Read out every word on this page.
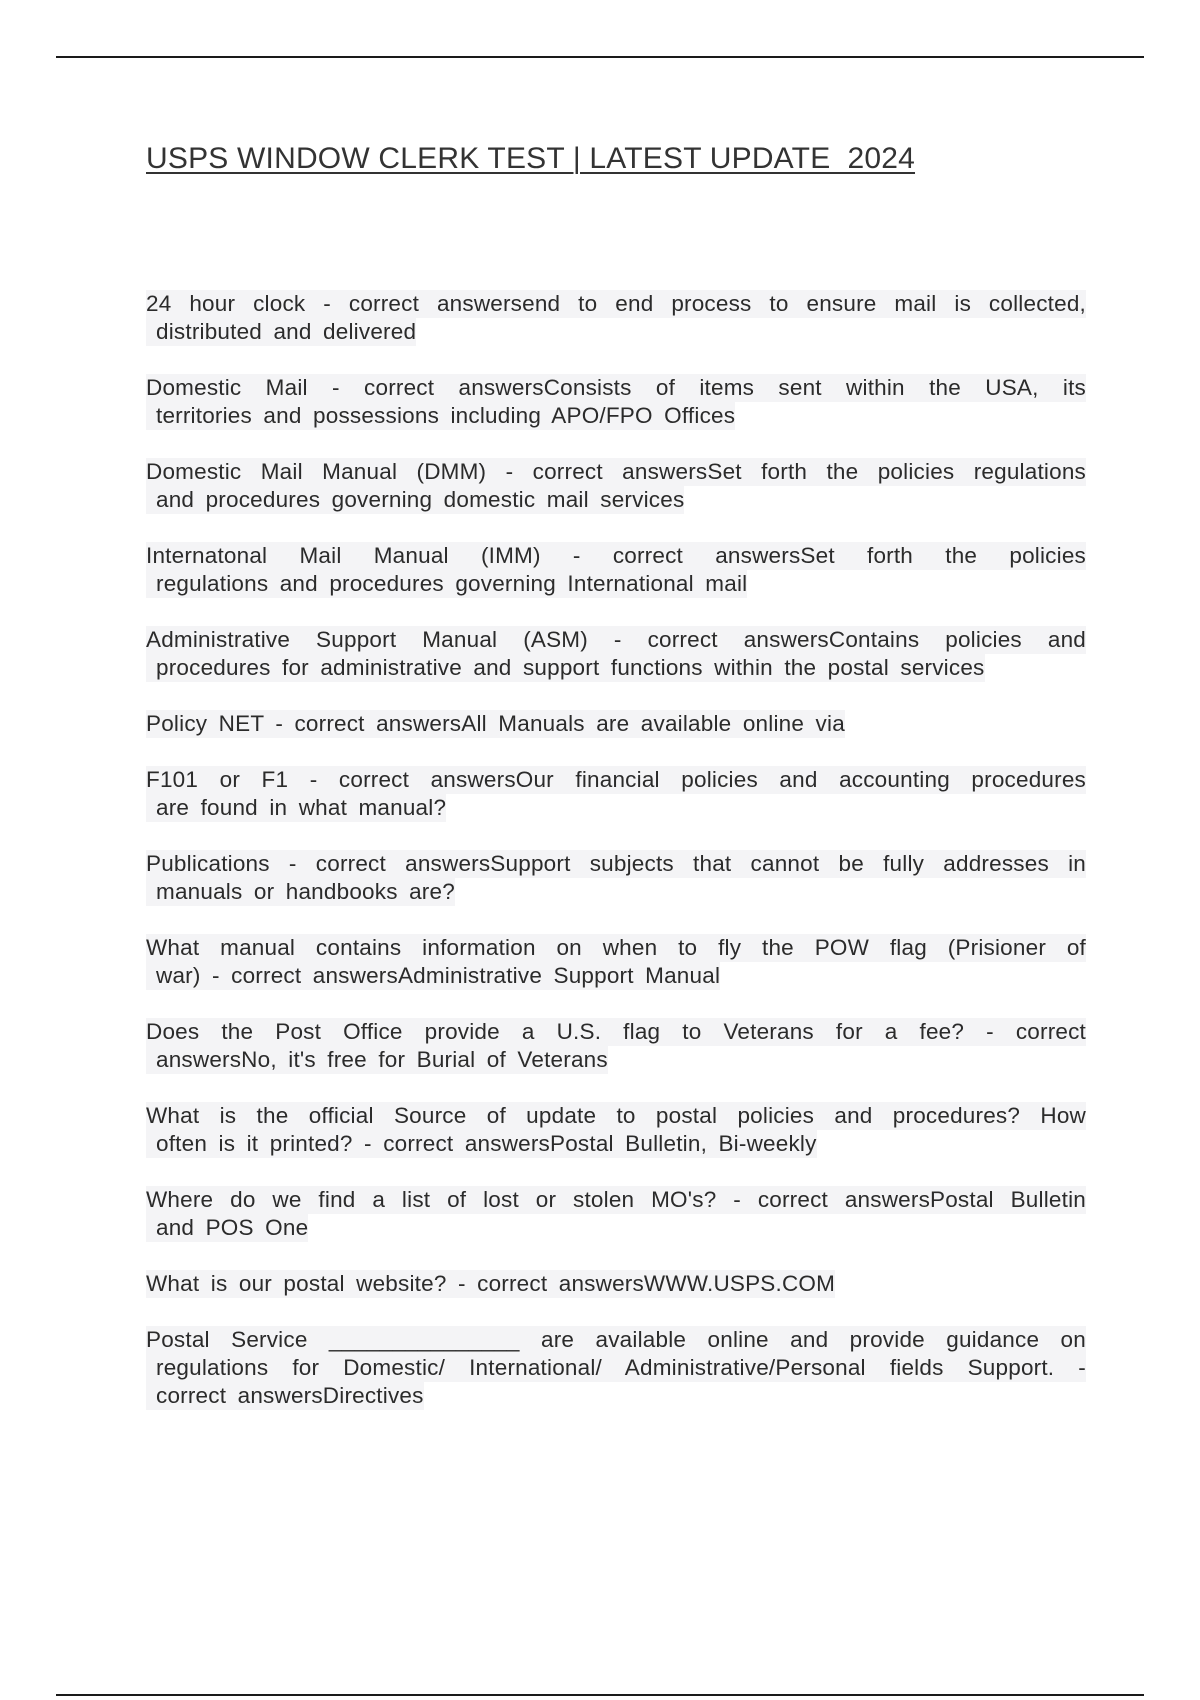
USPS WINDOW CLERK TEST | LATEST UPDATE  2024
24 hour clock - correct answersend to end process to ensure mail is collected,
distributed and delivered
Domestic Mail - correct answersConsists of items sent within the USA, its
territories and possessions including APO/FPO Offices
Domestic Mail Manual (DMM) - correct answersSet forth the policies regulations
and procedures governing domestic mail services
Internatonal Mail Manual (IMM) - correct answersSet forth the policies
regulations and procedures governing International mail
Administrative Support Manual (ASM) - correct answersContains policies and
procedures for administrative and support functions within the postal services
Policy NET - correct answersAll Manuals are available online via
F101 or F1 - correct answersOur financial policies and accounting procedures
are found in what manual?
Publications - correct answersSupport subjects that cannot be fully addresses in
manuals or handbooks are?
What manual contains information on when to fly the POW flag (Prisioner of
war) - correct answersAdministrative Support Manual
Does the Post Office provide a U.S. flag to Veterans for a fee? - correct
answersNo, it's free for Burial of Veterans
What is the official Source of update to postal policies and procedures? How
often is it printed? - correct answersPostal Bulletin, Bi-weekly
Where do we find a list of lost or stolen MO's? - correct answersPostal Bulletin
and POS One
What is our postal website? - correct answersWWW.USPS.COM
Postal Service _______________ are available online and provide guidance on
regulations for Domestic/ International/ Administrative/Personal fields Support. -
correct answersDirectives
